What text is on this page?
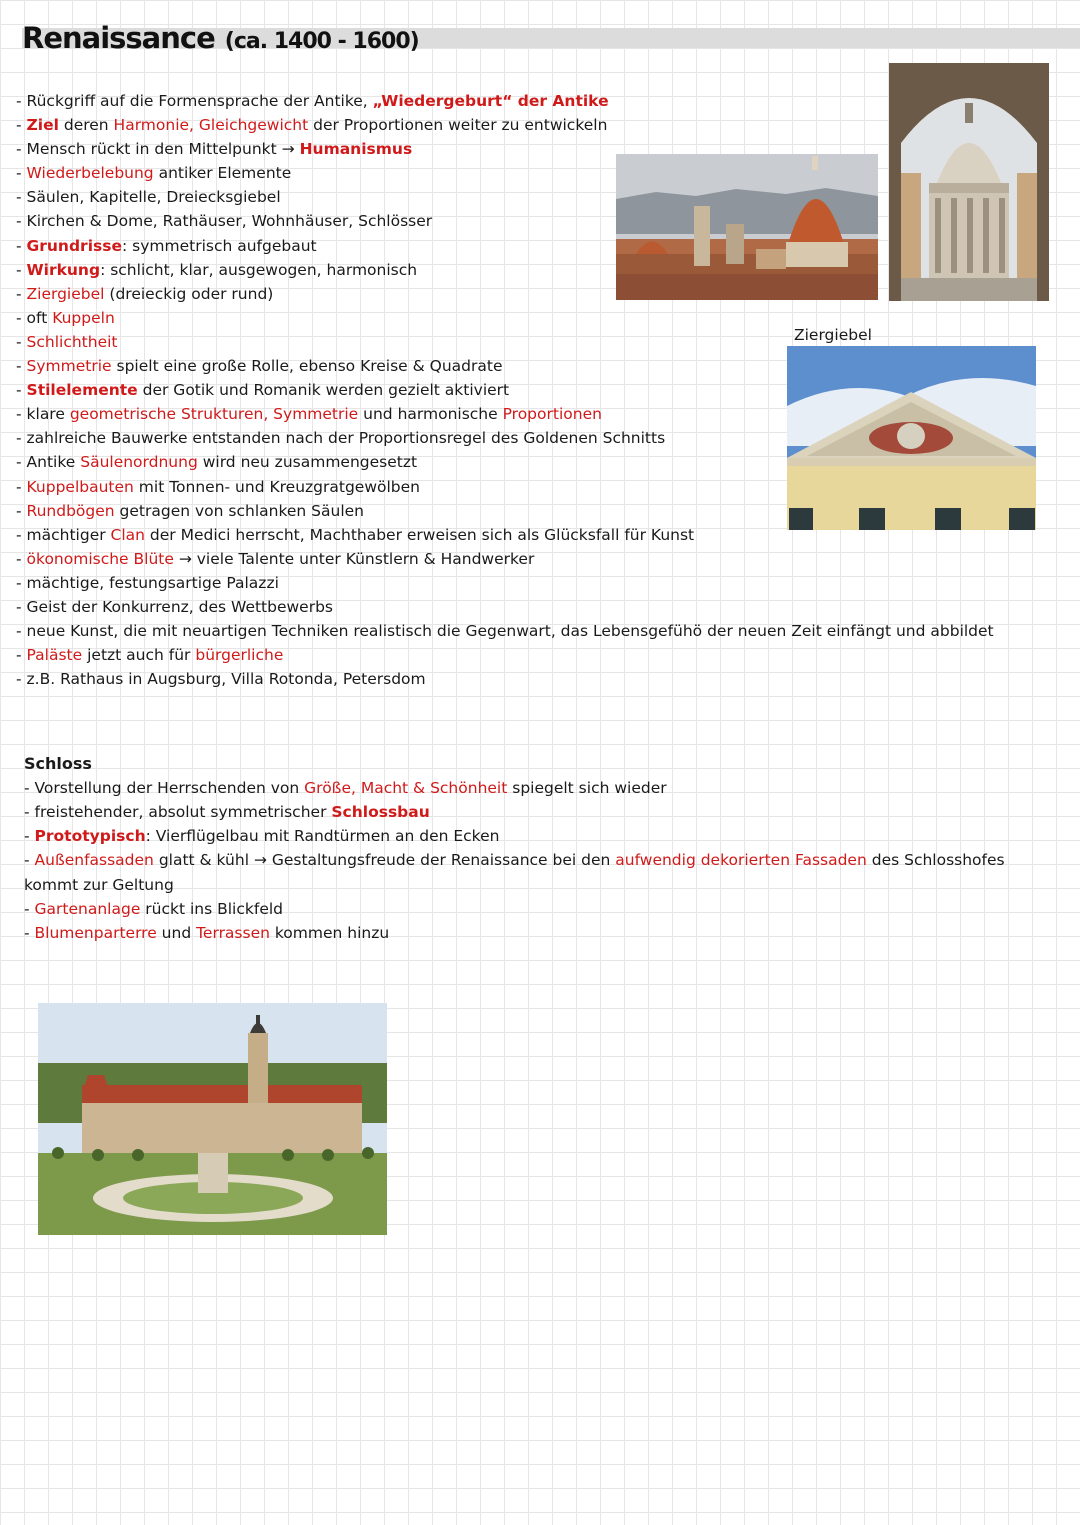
Renaissance (ca. 1400 - 1600)
- Rückgriff auf die Formensprache der Antike, „Wiedergeburt“ der Antike
- Ziel deren Harmonie, Gleichgewicht der Proportionen weiter zu entwickeln
- Mensch rückt in den Mittelpunkt → Humanismus
- Wiederbelebung antiker Elemente
- Säulen, Kapitelle, Dreiecksgiebel
- Kirchen & Dome, Rathäuser, Wohnhäuser, Schlösser
- Grundrisse: symmetrisch aufgebaut
- Wirkung: schlicht, klar, ausgewogen, harmonisch
- Ziergiebel (dreieckig oder rund)
- oft Kuppeln
- Schlichtheit
- Symmetrie spielt eine große Rolle, ebenso Kreise & Quadrate
- Stilelemente der Gotik und Romanik werden gezielt aktiviert
- klare geometrische Strukturen, Symmetrie und harmonische Proportionen
- zahlreiche Bauwerke entstanden nach der Proportionsregel des Goldenen Schnitts
- Antike Säulenordnung wird neu zusammengesetzt
- Kuppelbauten mit Tonnen- und Kreuzgratgewölben
- Rundbögen getragen von schlanken Säulen
- mächtiger Clan der Medici herrscht, Machthaber erweisen sich als Glücksfall für Kunst
- ökonomische Blüte → viele Talente unter Künstlern & Handwerker
- mächtige, festungsartige Palazzi
- Geist der Konkurrenz, des Wettbewerbs
- neue Kunst, die mit neuartigen Techniken realistisch die Gegenwart, das Lebensgefühö der neuen Zeit einfängt und abbildet
- Paläste jetzt auch für bürgerliche
- z.B. Rathaus in Augsburg, Villa Rotonda, Petersdom
Ziergiebel
Schloss
- Vorstellung der Herrschenden von Größe, Macht & Schönheit spiegelt sich wieder
- freistehender, absolut symmetrischer Schlossbau
- Prototypisch: Vierflügelbau mit Randtürmen an den Ecken
- Außenfassaden glatt & kühl → Gestaltungsfreude der Renaissance bei den aufwendig dekorierten Fassaden des Schlosshofes kommt zur Geltung
- Gartenanlage rückt ins Blickfeld
- Blumenparterre und Terrassen kommen hinzu
